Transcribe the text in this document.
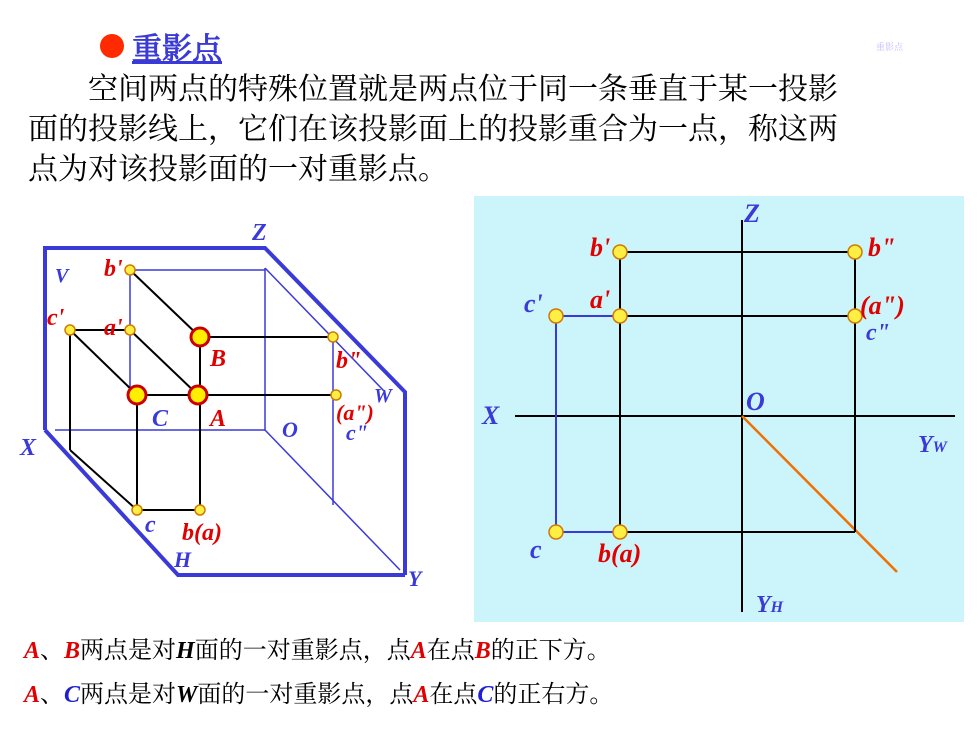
重影点	重影点

空间两点的特殊位置就是两点位于同一条垂直于某一投影

面的投影线上，它们在该投影面上的投影重合为一点，称这两

点为对该投影面的一对重影点。

Z
V
W
X
H
Y
O
b'
c' a'
B
C A
b"
(a")
c"
c b(a)
Z
X	O
YW
YH
b'	b"
c' a'	(a")
c"
c b(a)
A、B两点是对H面的一对重影点，点A在点B的正下方。
A、C两点是对W面的一对重影点，点A在点C的正右方。
